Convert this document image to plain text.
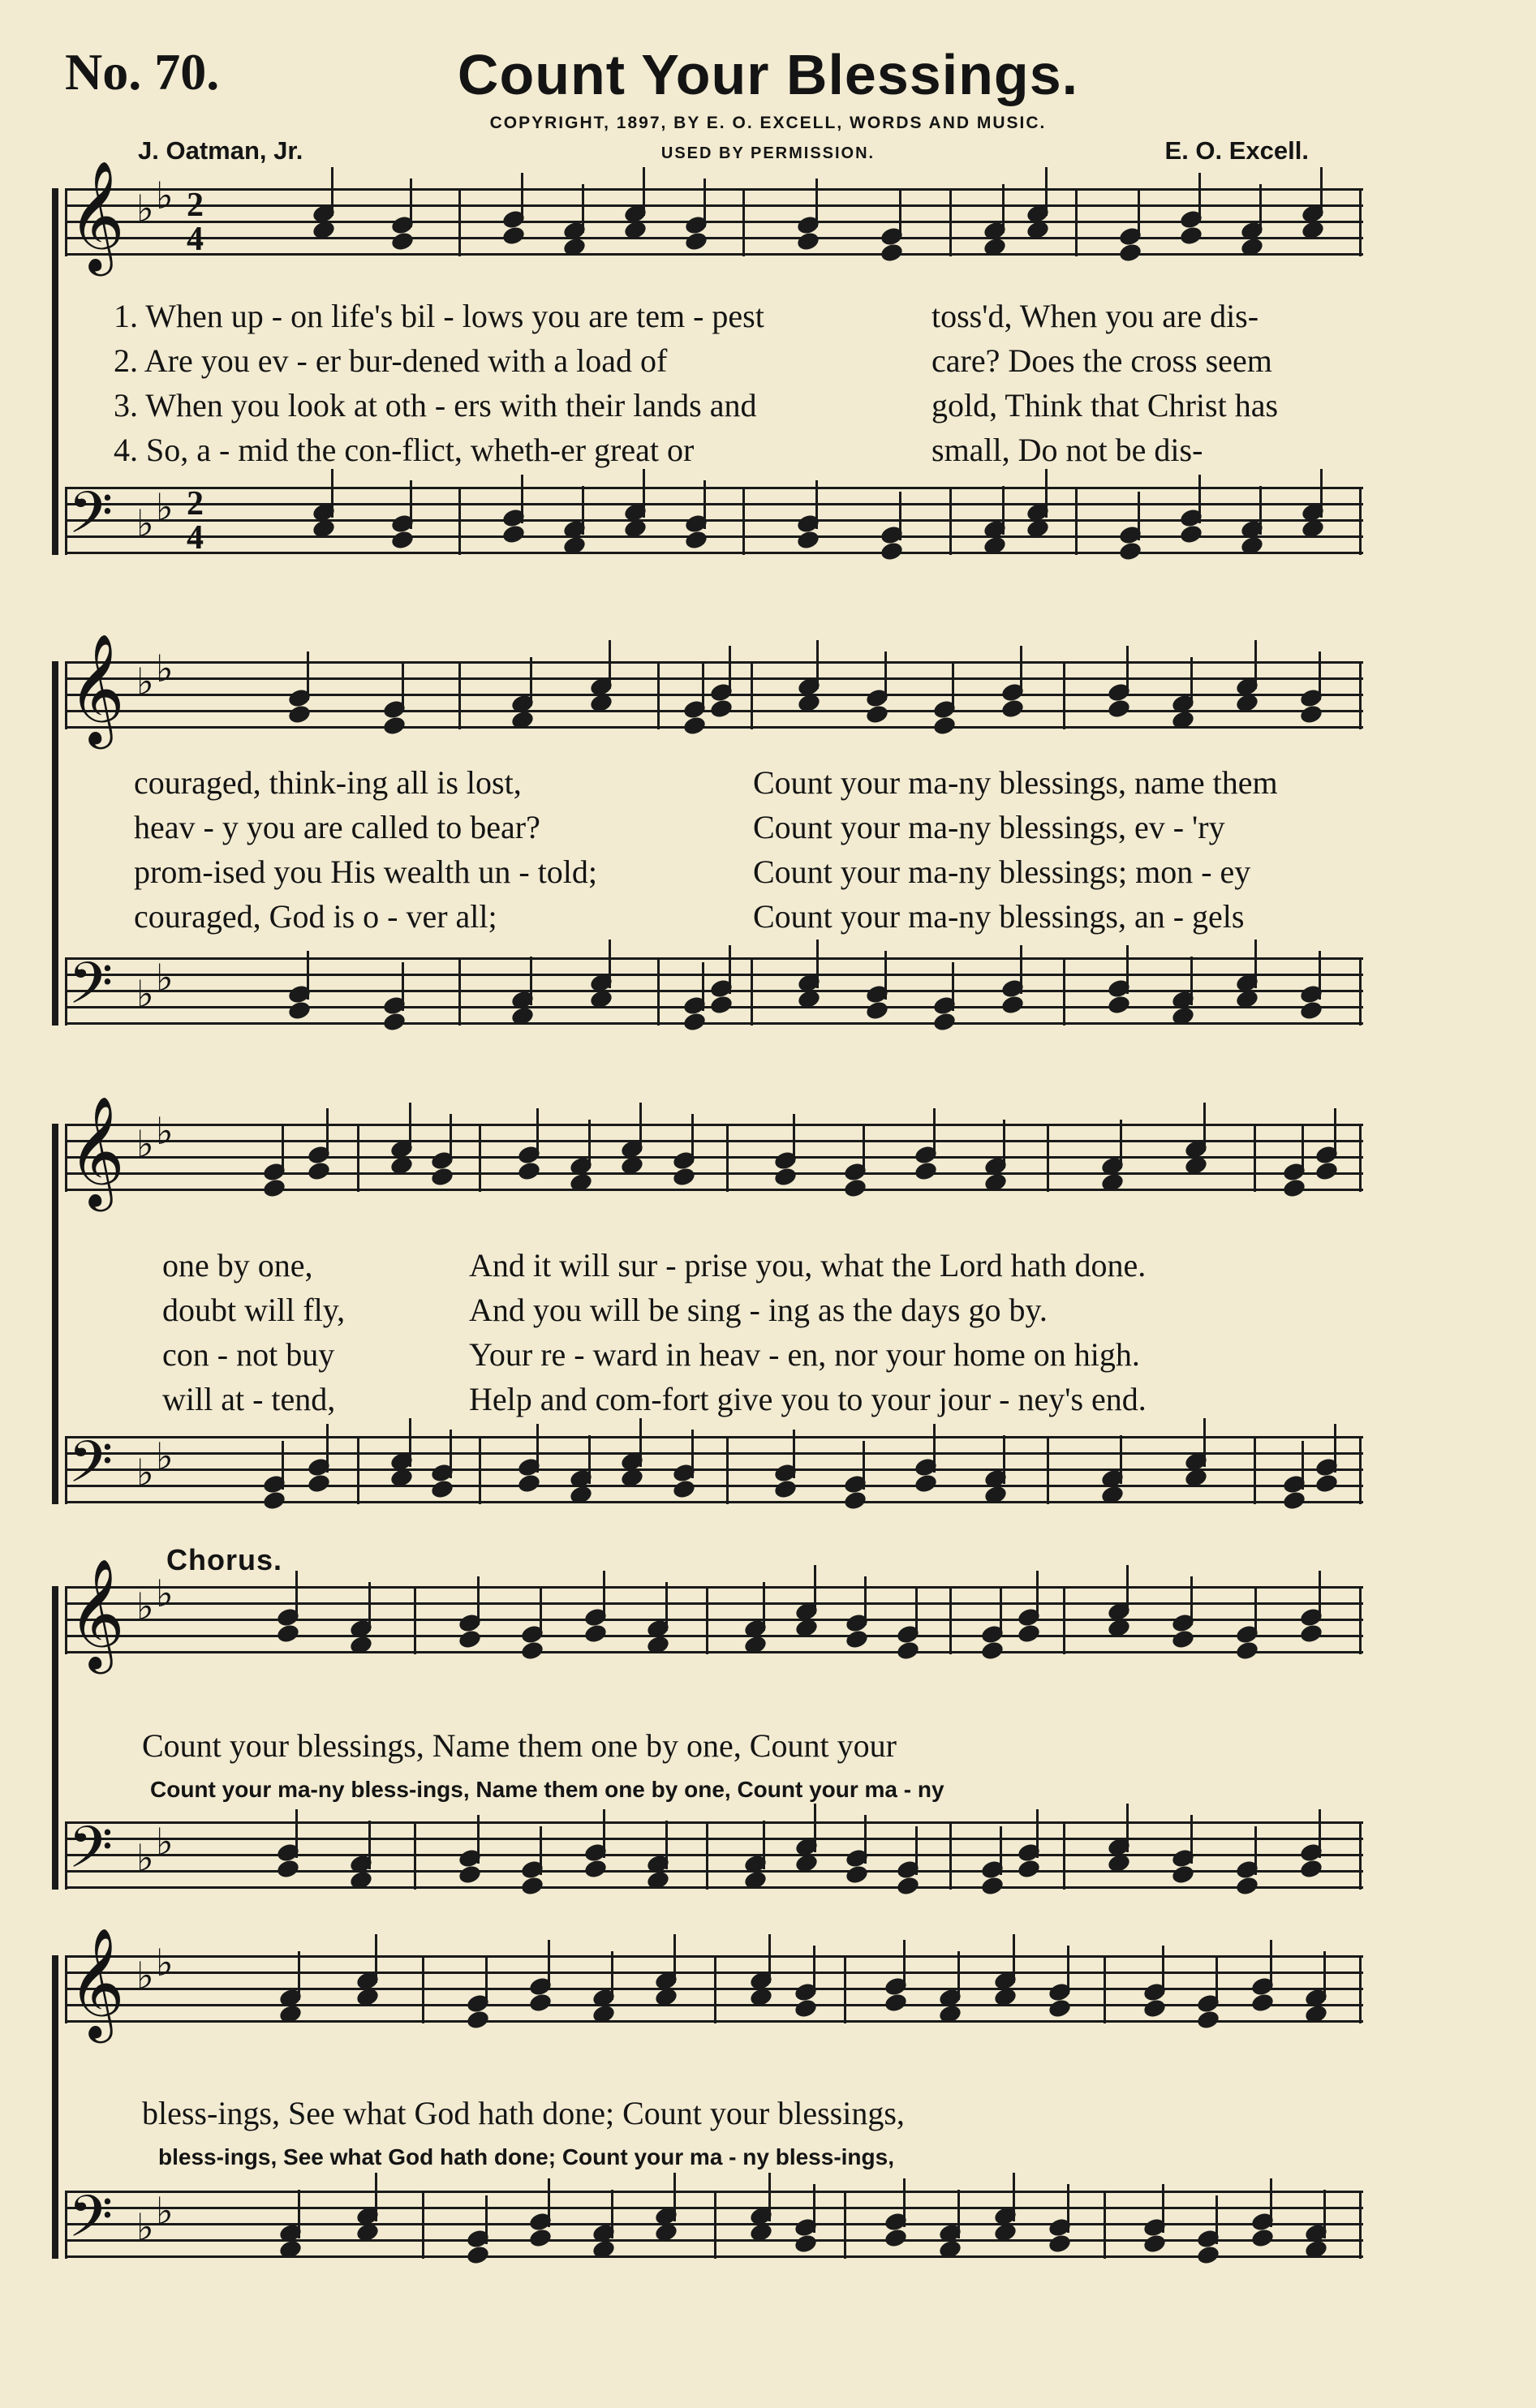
No. 70.	Count Your Blessings.
COPYRIGHT, 1897, BY E. O. EXCELL, WORDS AND MUSIC.
USED BY PERMISSION.
J. Oatman, Jr.	E. O. Excell.
𝄞 ♭ ♭ 2
4
𝄢 ♭ ♭ 2
4
𝄞 ♭ ♭
𝄢 ♭ ♭
𝄞 ♭ ♭
𝄢 ♭ ♭
𝄞 ♭ ♭
𝄢 ♭ ♭
𝄞 ♭ ♭
𝄢 ♭ ♭
1. When up - on life's bil - lows you are tem - pest	toss'd, When you are dis-
2. Are you ev - er bur-dened with a load of	care? Does the cross seem
3. When you look at oth - ers with their lands and	gold, Think that Christ has
4. So, a - mid the con-flict, wheth-er great or	small, Do not be dis-
couraged, think-ing all is lost,	Count your ma-ny blessings, name them
heav - y you are called to bear?	Count your ma-ny blessings, ev - 'ry
prom-ised you His wealth un - told;	Count your ma-ny blessings; mon - ey
couraged, God is o - ver all;	Count your ma-ny blessings, an - gels
one by one,	And it will sur - prise you, what the Lord hath done.
doubt will fly,	And you will be sing - ing as the days go by.
con - not buy	Your re - ward in heav - en, nor your home on high.
will at - tend,	Help and com-fort give you to your jour - ney's end.
Chorus.
Count your blessings, Name them one by one, Count your
Count your ma-ny bless-ings, Name them one by one, Count your ma - ny
bless-ings, See what God hath done; Count your blessings,
bless-ings, See what God hath done; Count your ma - ny bless-ings,
